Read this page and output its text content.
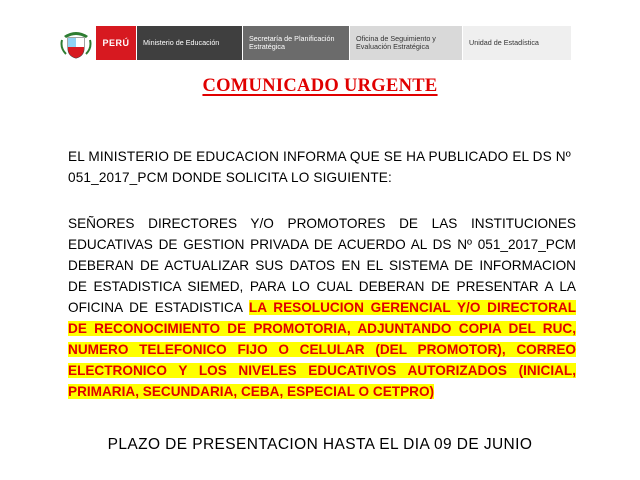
PERÚ	Ministerio de Educación	Secretaría de Planificación Estratégica
Oficina de Seguimiento y Evaluación Estratégica	Unidad de Estadística
COMUNICADO URGENTE
EL MINISTERIO DE EDUCACION INFORMA QUE SE HA PUBLICADO EL DS Nº 051_2017_PCM DONDE SOLICITA LO SIGUIENTE:
SEÑORES DIRECTORES Y/O PROMOTORES DE LAS INSTITUCIONES EDUCATIVAS DE GESTION PRIVADA DE ACUERDO AL DS Nº 051_2017_PCM DEBERAN DE ACTUALIZAR SUS DATOS EN EL SISTEMA DE INFORMACION DE ESTADISTICA SIEMED, PARA LO CUAL DEBERAN DE PRESENTAR A LA OFICINA DE ESTADISTICA LA RESOLUCION GERENCIAL Y/O DIRECTORAL DE RECONOCIMIENTO DE PROMOTORIA, ADJUNTANDO COPIA DEL RUC, NUMERO TELEFONICO FIJO O CELULAR (DEL PROMOTOR), CORREO ELECTRONICO Y LOS NIVELES EDUCATIVOS AUTORIZADOS (INICIAL, PRIMARIA, SECUNDARIA, CEBA, ESPECIAL O CETPRO)
PLAZO DE PRESENTACION HASTA EL DIA 09 DE JUNIO
